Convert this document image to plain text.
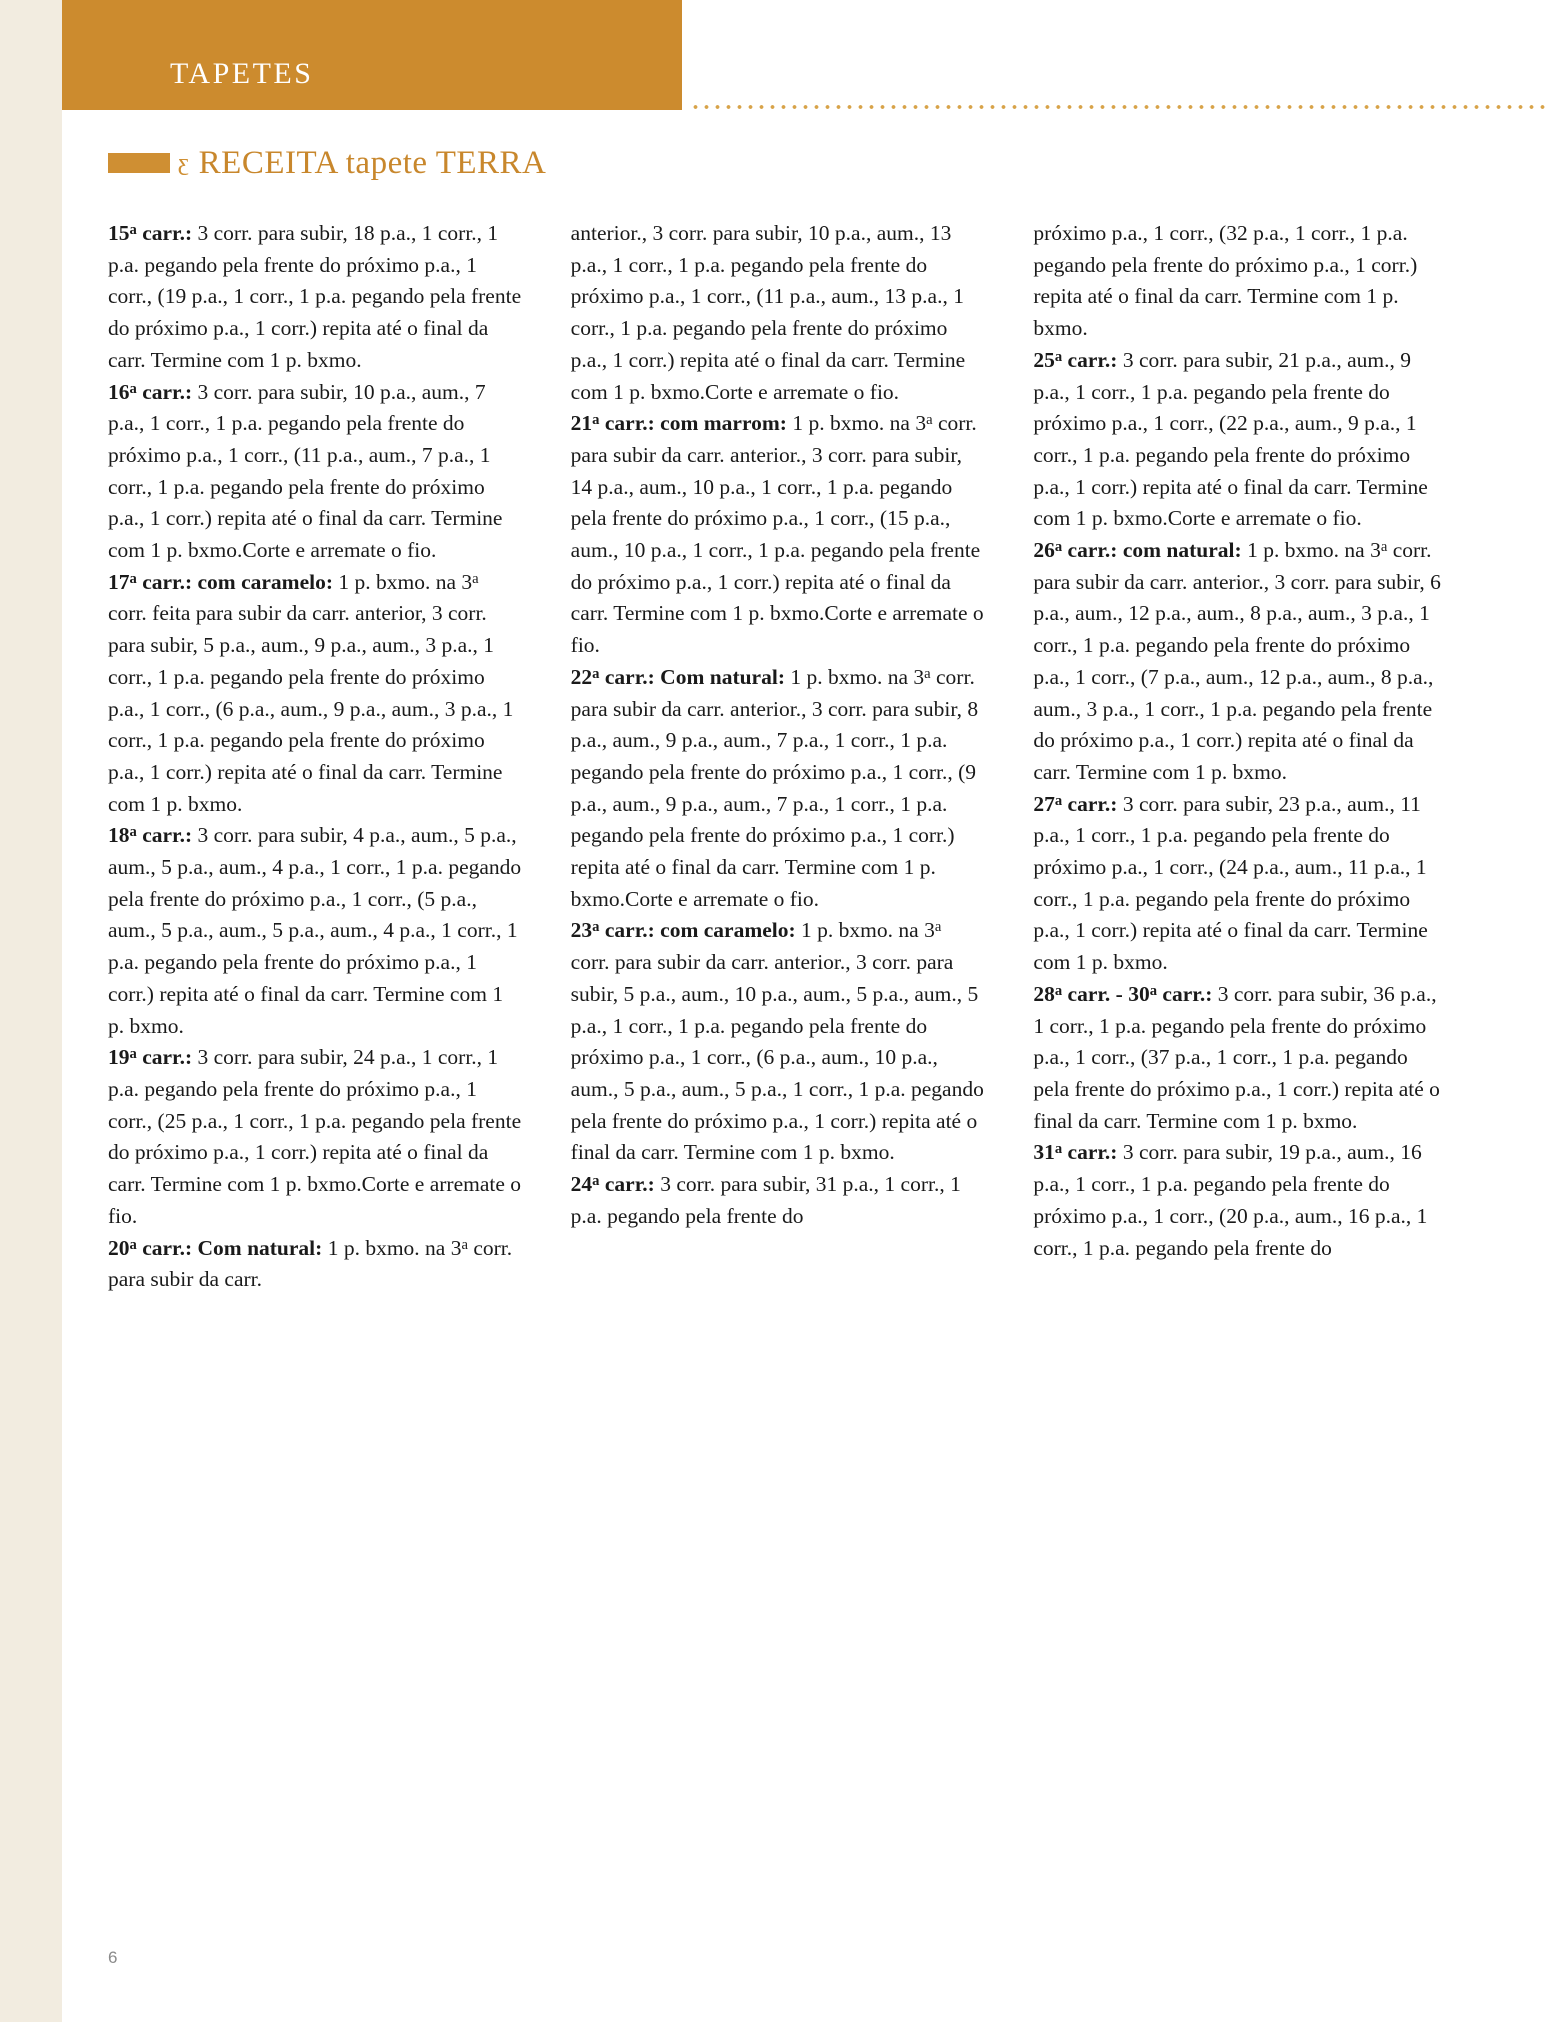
TAPETES
ʒ RECEITA tapete TERRA

15$^a$ carr.: 3 corr. para subir, 18 p.a., 1 corr., 1 p.a. pegando pela frente do próximo p.a., 1 corr., (19 p.a., 1 corr., 1 p.a. pegando pela frente do próximo p.a., 1 corr.) repita até o final da carr. Termine com 1 p. bxmo.

16$^a$ carr.: 3 corr. para subir, 10 p.a., aum., 7 p.a., 1 corr., 1 p.a. pegando pela frente do próximo p.a., 1 corr., (11 p.a., aum., 7 p.a., 1 corr., 1 p.a. pegando pela frente do próximo p.a., 1 corr.) repita até o final da carr. Termine com 1 p. bxmo.Corte e arremate o fio.

17$^a$ carr.: com caramelo: 1 p. bxmo. na 3$^a$ corr. feita para subir da carr. anterior, 3 corr. para subir, 5 p.a., aum., 9 p.a., aum., 3 p.a., 1 corr., 1 p.a. pegando pela frente do próximo p.a., 1 corr., (6 p.a., aum., 9 p.a., aum., 3 p.a., 1 corr., 1 p.a. pegando pela frente do próximo p.a., 1 corr.) repita até o final da carr. Termine com 1 p. bxmo.

18$^a$ carr.: 3 corr. para subir, 4 p.a., aum., 5 p.a., aum., 5 p.a., aum., 4 p.a., 1 corr., 1 p.a. pegando pela frente do próximo p.a., 1 corr., (5 p.a., aum., 5 p.a., aum., 5 p.a., aum., 4 p.a., 1 corr., 1 p.a. pegando pela frente do próximo p.a., 1 corr.) repita até o final da carr. Termine com 1 p. bxmo.

19$^a$ carr.: 3 corr. para subir, 24 p.a., 1 corr., 1 p.a. pegando pela frente do próximo p.a., 1 corr., (25 p.a., 1 corr., 1 p.a. pegando pela frente do próximo p.a., 1 corr.) repita até o final da carr. Termine com 1 p. bxmo.Corte e arremate o fio.

20$^a$ carr.: Com natural: 1 p. bxmo. na 3$^a$ corr. para subir da carr.

anterior., 3 corr. para subir, 10 p.a., aum., 13 p.a., 1 corr., 1 p.a. pegando pela frente do próximo p.a., 1 corr., (11 p.a., aum., 13 p.a., 1 corr., 1 p.a. pegando pela frente do próximo p.a., 1 corr.) repita até o final da carr. Termine com 1 p. bxmo.Corte e arremate o fio.

21$^a$ carr.: com marrom: 1 p. bxmo. na 3$^a$ corr. para subir da carr. anterior., 3 corr. para subir, 14 p.a., aum., 10 p.a., 1 corr., 1 p.a. pegando pela frente do próximo p.a., 1 corr., (15 p.a., aum., 10 p.a., 1 corr., 1 p.a. pegando pela frente do próximo p.a., 1 corr.) repita até o final da carr. Termine com 1 p. bxmo.Corte e arremate o fio.

22$^a$ carr.: Com natural: 1 p. bxmo. na 3$^a$ corr. para subir da carr. anterior., 3 corr. para subir, 8 p.a., aum., 9 p.a., aum., 7 p.a., 1 corr., 1 p.a. pegando pela frente do próximo p.a., 1 corr., (9 p.a., aum., 9 p.a., aum., 7 p.a., 1 corr., 1 p.a. pegando pela frente do próximo p.a., 1 corr.) repita até o final da carr. Termine com 1 p. bxmo.Corte e arremate o fio.

23$^a$ carr.: com caramelo: 1 p. bxmo. na 3$^a$ corr. para subir da carr. anterior., 3 corr. para subir, 5 p.a., aum., 10 p.a., aum., 5 p.a., aum., 5 p.a., 1 corr., 1 p.a. pegando pela frente do próximo p.a., 1 corr., (6 p.a., aum., 10 p.a., aum., 5 p.a., aum., 5 p.a., 1 corr., 1 p.a. pegando pela frente do próximo p.a., 1 corr.) repita até o final da carr. Termine com 1 p. bxmo.

24$^a$ carr.: 3 corr. para subir, 31 p.a., 1 corr., 1 p.a. pegando pela frente do

próximo p.a., 1 corr., (32 p.a., 1 corr., 1 p.a. pegando pela frente do próximo p.a., 1 corr.) repita até o final da carr. Termine com 1 p. bxmo.

25$^a$ carr.: 3 corr. para subir, 21 p.a., aum., 9 p.a., 1 corr., 1 p.a. pegando pela frente do próximo p.a., 1 corr., (22 p.a., aum., 9 p.a., 1 corr., 1 p.a. pegando pela frente do próximo p.a., 1 corr.) repita até o final da carr. Termine com 1 p. bxmo.Corte e arremate o fio.

26$^a$ carr.: com natural: 1 p. bxmo. na 3$^a$ corr. para subir da carr. anterior., 3 corr. para subir, 6 p.a., aum., 12 p.a., aum., 8 p.a., aum., 3 p.a., 1 corr., 1 p.a. pegando pela frente do próximo p.a., 1 corr., (7 p.a., aum., 12 p.a., aum., 8 p.a., aum., 3 p.a., 1 corr., 1 p.a. pegando pela frente do próximo p.a., 1 corr.) repita até o final da carr. Termine com 1 p. bxmo.

27$^a$ carr.: 3 corr. para subir, 23 p.a., aum., 11 p.a., 1 corr., 1 p.a. pegando pela frente do próximo p.a., 1 corr., (24 p.a., aum., 11 p.a., 1 corr., 1 p.a. pegando pela frente do próximo p.a., 1 corr.) repita até o final da carr. Termine com 1 p. bxmo.

28$^a$ carr. - 30$^a$ carr.: 3 corr. para subir, 36 p.a., 1 corr., 1 p.a. pegando pela frente do próximo p.a., 1 corr., (37 p.a., 1 corr., 1 p.a. pegando pela frente do próximo p.a., 1 corr.) repita até o final da carr. Termine com 1 p. bxmo.

31$^a$ carr.: 3 corr. para subir, 19 p.a., aum., 16 p.a., 1 corr., 1 p.a. pegando pela frente do próximo p.a., 1 corr., (20 p.a., aum., 16 p.a., 1 corr., 1 p.a. pegando pela frente do

6
